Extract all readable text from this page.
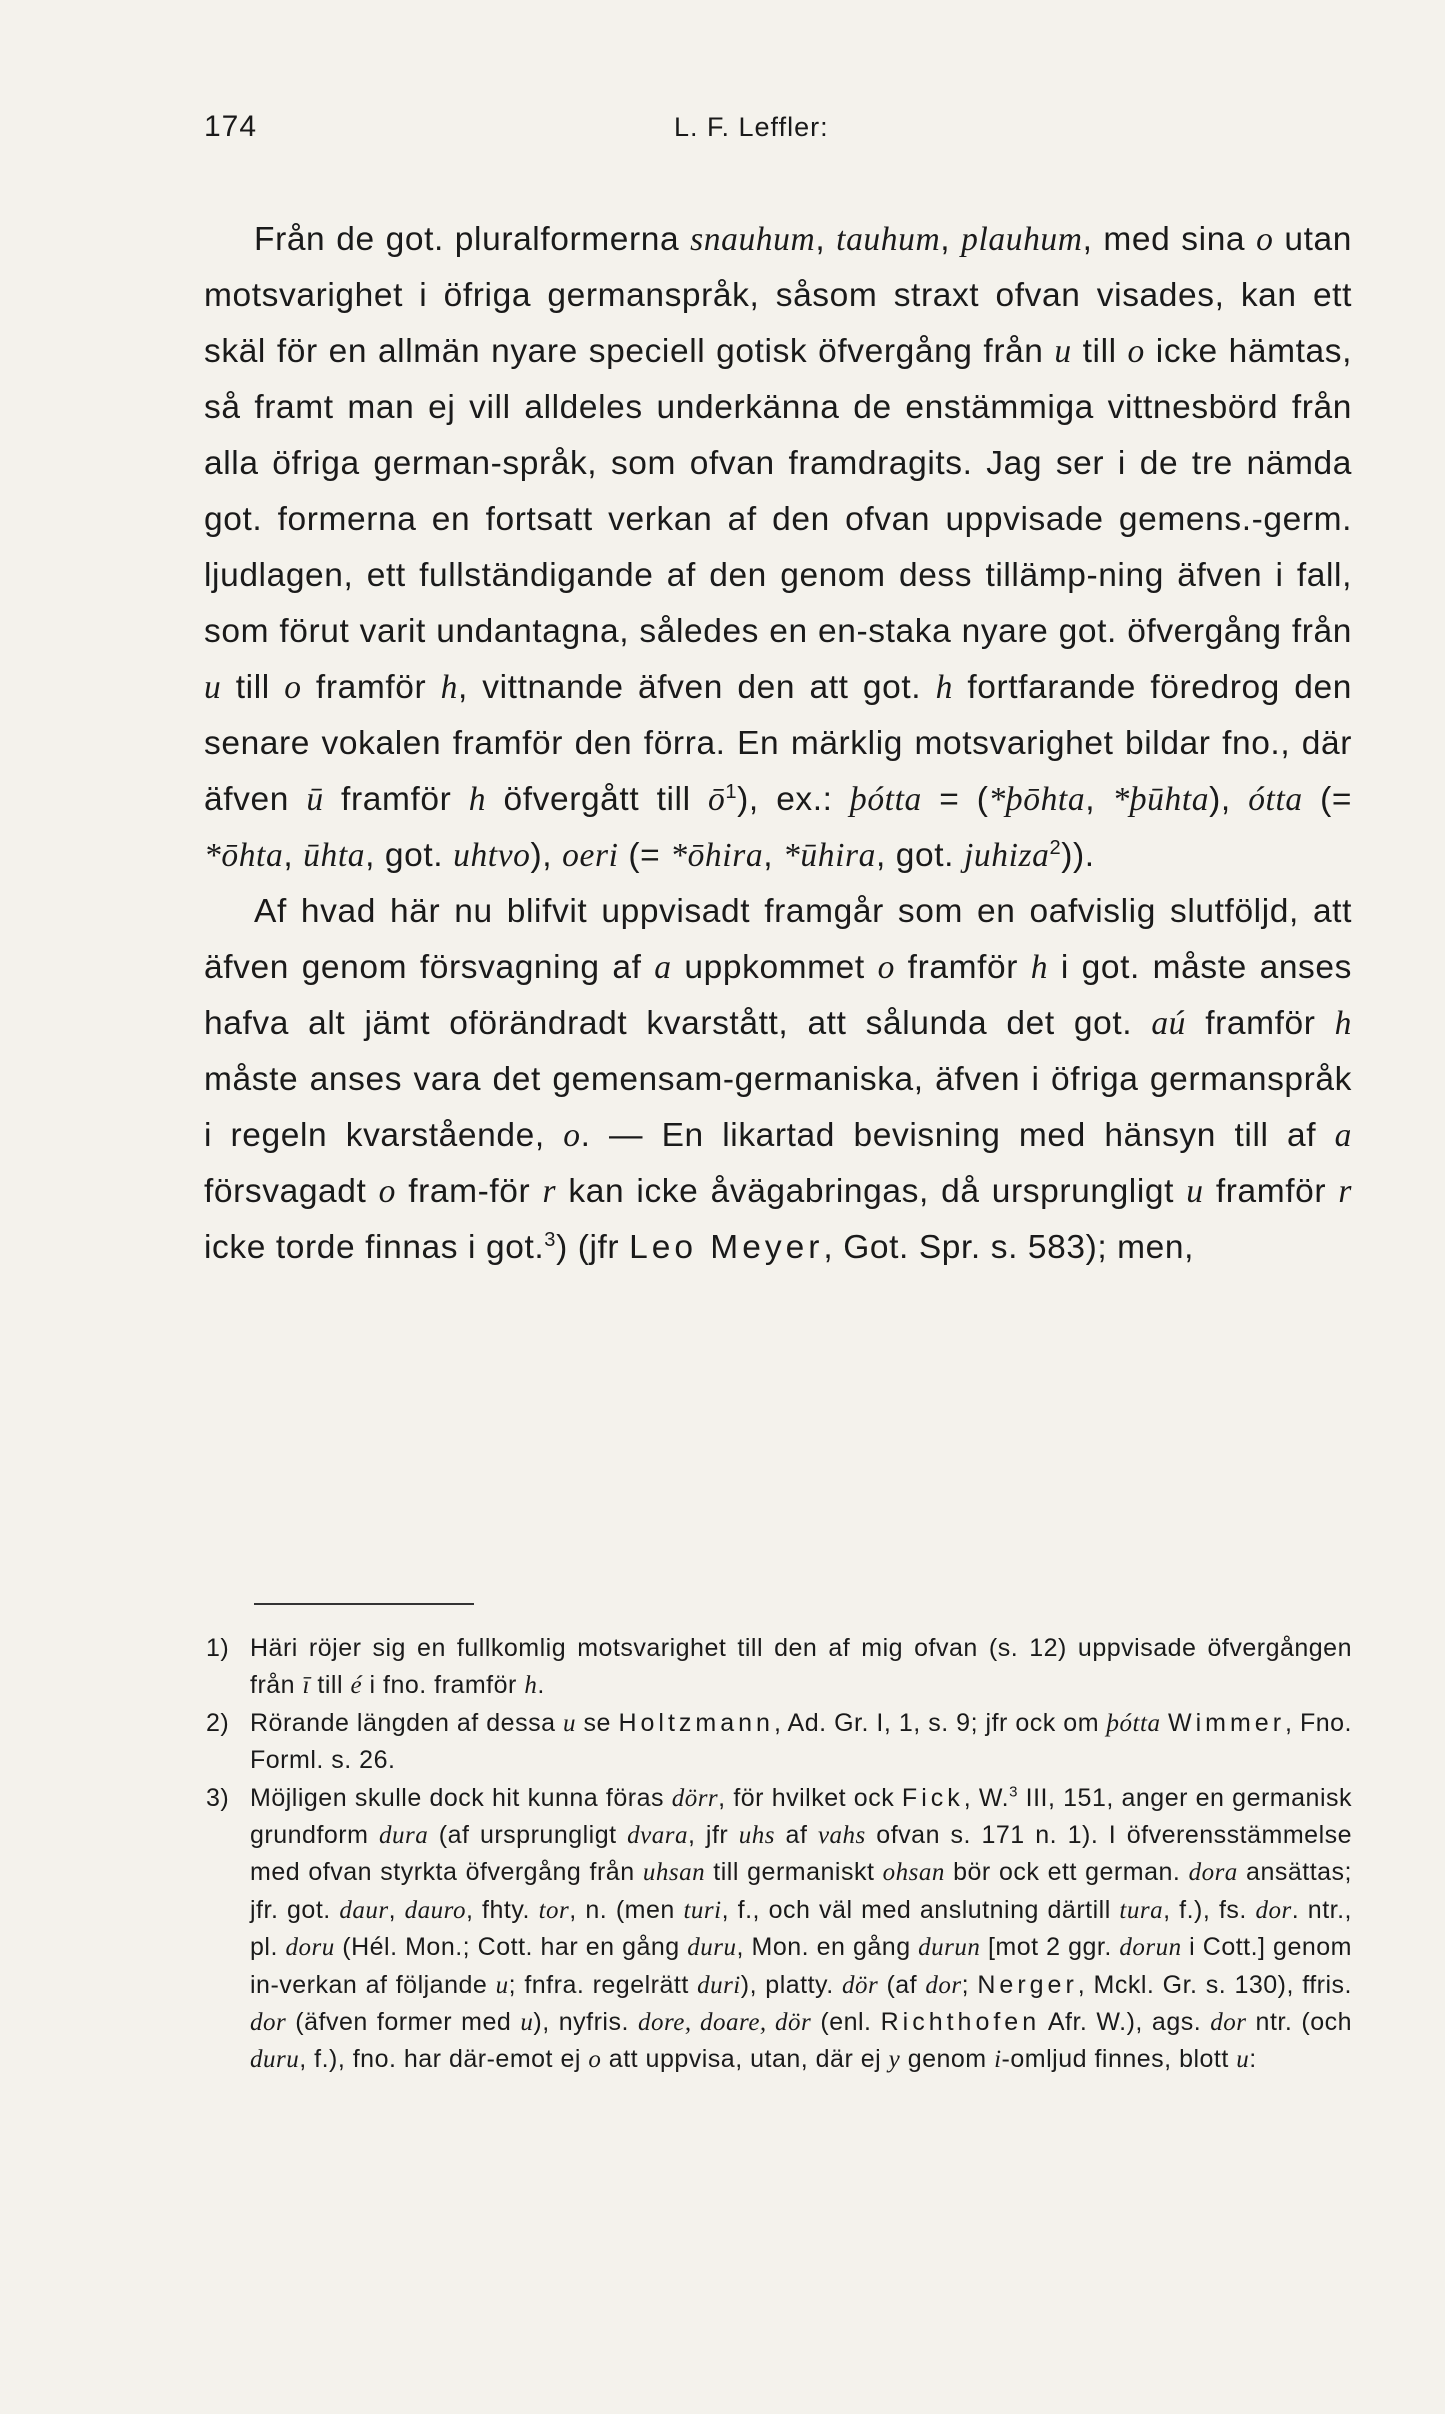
174	L. F. Leffler:

Från de got. pluralformerna snauhum, tauhum, plauhum, med sina o utan motsvarighet i öfriga germanspråk, såsom straxt ofvan visades, kan ett skäl för en allmän nyare speciell gotisk öfvergång från u till o icke hämtas, så framt man ej vill alldeles underkänna de enstämmiga vittnesbörd från alla öfriga german-språk, som ofvan framdragits. Jag ser i de tre nämda got. formerna en fortsatt verkan af den ofvan uppvisade gemens.-germ. ljudlagen, ett fullständigande af den genom dess tillämp-ning äfven i fall, som förut varit undantagna, således en en-staka nyare got. öfvergång från u till o framför h, vittnande äfven den att got. h fortfarande föredrog den senare vokalen framför den förra. En märklig motsvarighet bildar fno., där äfven ū framför h öfvergått till $ō^1$), ex.: þótta = (*þōhta, *þūhta), ótta (= *ōhta, ūhta, got. uhtvo), oeri (= *ōhira, *ūhira, got. juhiza$^2$)).

Af hvad här nu blifvit uppvisadt framgår som en oafvislig slutföljd, att äfven genom försvagning af a uppkommet o framför h i got. måste anses hafva alt jämt oförändradt kvarstått, att sålunda det got. aú framför h måste anses vara det gemensam-germaniska, äfven i öfriga germanspråk i regeln kvarstående, o. — En likartad bevisning med hänsyn till af a försvagadt o fram-för r kan icke åvägabringas, då ursprungligt u framför r icke torde finnas i got.$^3$) (jfr Leo Meyer, Got. Spr. s. 583); men,

1) Häri röjer sig en fullkomlig motsvarighet till den af mig ofvan (s. 12) uppvisade öfvergången från ī till é i fno. framför h.

2) Rörande längden af dessa u se Holtzmann, Ad. Gr. I, 1, s. 9; jfr ock om þótta Wimmer, Fno. Forml. s. 26.

3) Möjligen skulle dock hit kunna föras dörr, för hvilket ock Fick, W.$^3$ III, 151, anger en germanisk grundform dura (af ursprungligt dvara, jfr uhs af vahs ofvan s. 171 n. 1). I öfverensstämmelse med ofvan styrkta öfvergång från uhsan till germaniskt ohsan bör ock ett german. dora ansättas; jfr. got. daur, dauro, fhty. tor, n. (men turi, f., och väl med anslutning därtill tura, f.), fs. dor. ntr., pl. doru (Hél. Mon.; Cott. har en gång duru, Mon. en gång durun [mot 2 ggr. dorun i Cott.] genom in-verkan af följande u; fnfra. regelrätt duri), platty. dör (af dor; Nerger, Mckl. Gr. s. 130), ffris. dor (äfven former med u), nyfris. dore, doare, dör (enl. Richthofen Afr. W.), ags. dor ntr. (och duru, f.), fno. har där-emot ej o att uppvisa, utan, där ej y genom i-omljud finnes, blott u:
